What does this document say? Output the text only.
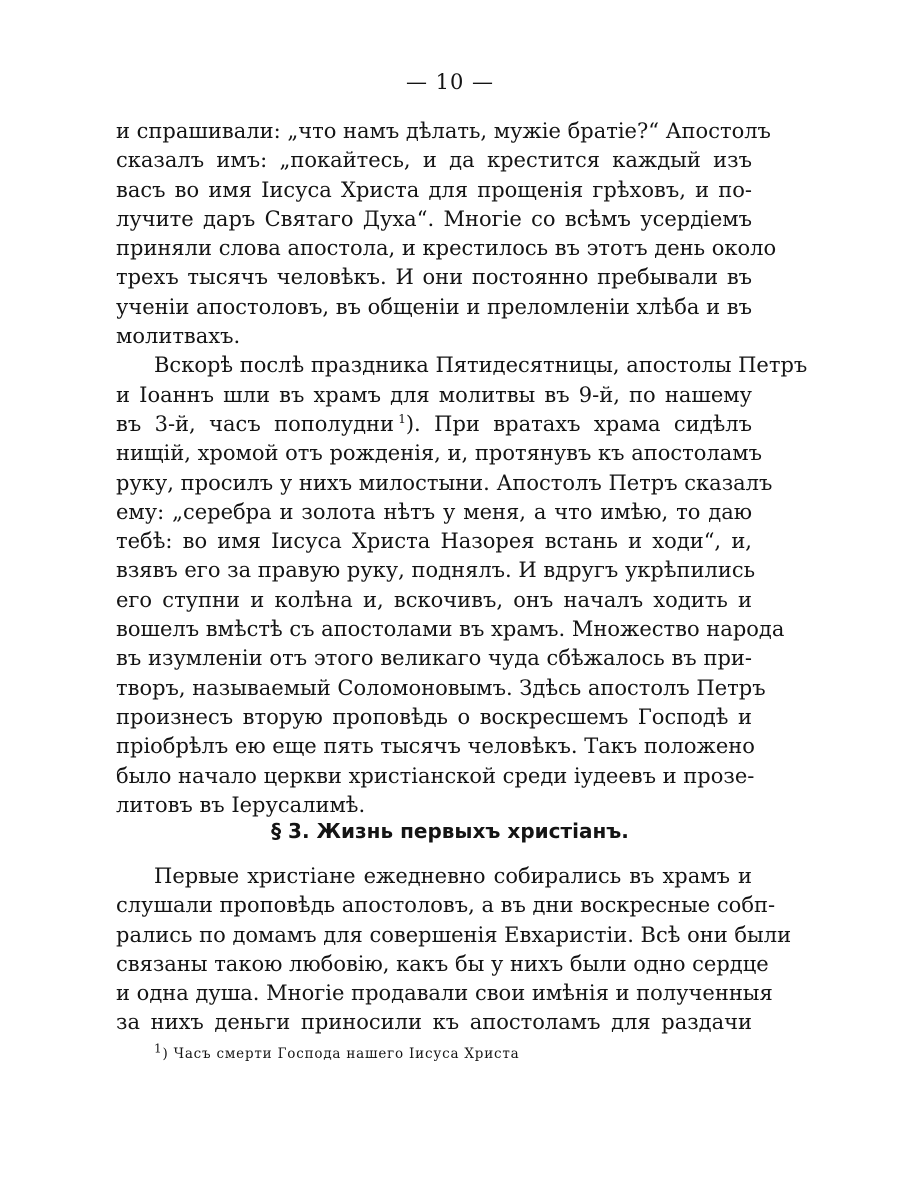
— 10 —
и спрашивали: „что намъ дѣлать, мужіе братіе?“ Апостолъ
сказалъ имъ: „покайтесь, и да крестится каждый изъ
васъ во имя Іисуса Христа для прощенія грѣховъ, и по-
лучите даръ Святаго Духа“. Многіе со всѣмъ усердіемъ
приняли слова апостола, и крестилось въ этотъ день около
трехъ тысячъ человѣкъ. И они постоянно пребывали въ
ученіи апостоловъ, въ общеніи и преломленіи хлѣба и въ
молитвахъ.
Вскорѣ послѣ праздника Пятидесятницы, апостолы Петръ
и Іоаннъ шли въ храмъ для молитвы въ 9-й, по нашему
въ 3-й, часъ пополудни  $^1$). При вратахъ храма сидѣлъ
нищій, хромой отъ рожденія, и, протянувъ къ апостоламъ
руку, просилъ у нихъ милостыни. Апостолъ Петръ сказалъ
ему: „серебра и золота нѣтъ у меня, а что имѣю, то даю
тебѣ: во имя Іисуса Христа Назорея встань и ходи“, и,
взявъ его за правую руку, поднялъ. И вдругъ укрѣпились
его ступни и колѣна и, вскочивъ, онъ началъ ходить и
вошелъ вмѣстѣ съ апостолами въ храмъ. Множество народа
въ изумленіи отъ этого великаго чуда сбѣжалось въ при-
творъ, называемый Соломоновымъ. Здѣсь апостолъ Петръ
произнесъ вторую проповѣдь о воскресшемъ Господѣ и
пріобрѣлъ ею еще пять тысячъ человѣкъ. Такъ положено
было начало церкви христіанской среди іудеевъ и прозе-
литовъ въ Іерусалимѣ.
§ 3. Жизнь первыхъ христіанъ.
Первые христіане ежедневно собирались въ храмъ и
слушали проповѣдь апостоловъ, а въ дни воскресные собп-
рались по домамъ для совершенія Евхаристіи. Всѣ они были
связаны такою любовію, какъ бы у нихъ были одно сердце
и одна душа. Многіе продавали свои имѣнія и полученныя
за нихъ деньги приносили къ апостоламъ для раздачи
$^1$) Часъ смерти Господа нашего Іисуса Христа
